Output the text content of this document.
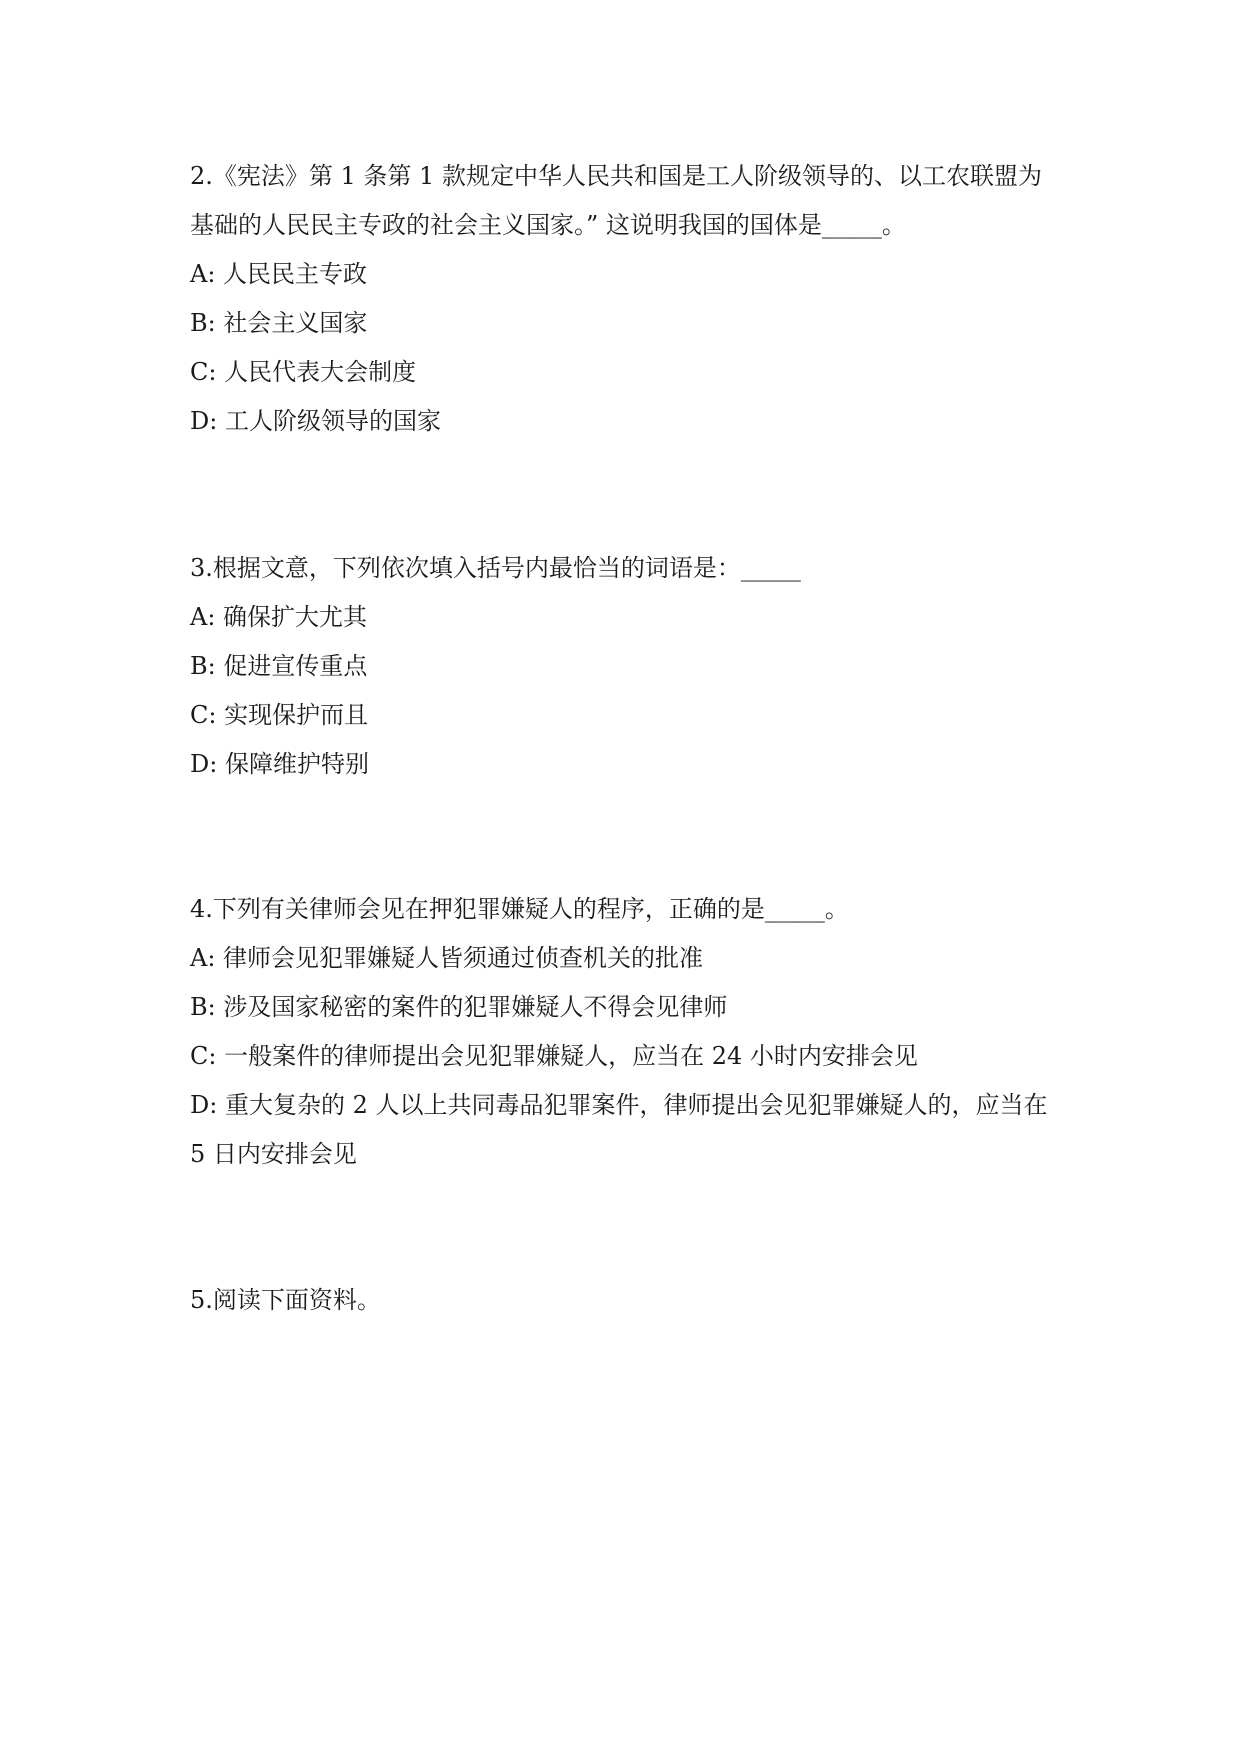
2.《宪法》第 1 条第 1 款规定中华人民共和国是工人阶级领导的、以工农联盟为基础的人民民主专政的社会主义国家。” 这说明我国的国体是_____。

A: 人民民主专政
B: 社会主义国家
C: 人民代表大会制度
D: 工人阶级领导的国家

3.根据文意，下列依次填入括号内最恰当的词语是：_____

A: 确保扩大尤其
B: 促进宣传重点
C: 实现保护而且
D: 保障维护特别

4.下列有关律师会见在押犯罪嫌疑人的程序，正确的是_____。

A: 律师会见犯罪嫌疑人皆须通过侦查机关的批准
B: 涉及国家秘密的案件的犯罪嫌疑人不得会见律师
C: 一般案件的律师提出会见犯罪嫌疑人，应当在 24 小时内安排会见
D: 重大复杂的 2 人以上共同毒品犯罪案件，律师提出会见犯罪嫌疑人的，应当在 5 日内安排会见

5.阅读下面资料。
